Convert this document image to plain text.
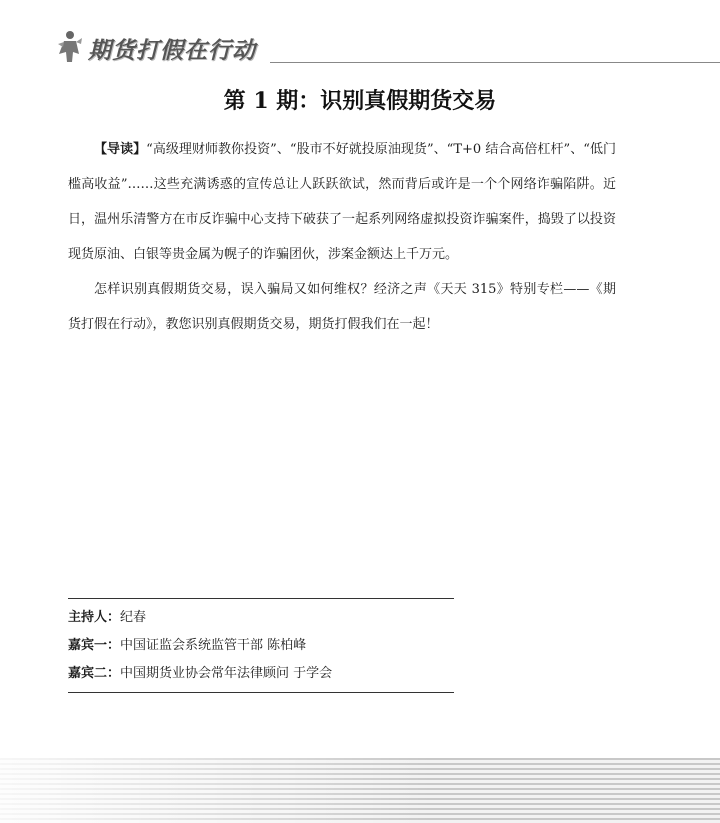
期货打假在行动
第 1 期：识别真假期货交易

【导读】“高级理财师教你投资”、“股市不好就投原油现货”、“T+0 结合高倍杠杆”、“低门槛高收益”……这些充满诱惑的宣传总让人跃跃欲试，然而背后或许是一个个网络诈骗陷阱。近日，温州乐清警方在市反诈骗中心支持下破获了一起系列网络虚拟投资诈骗案件，捣毁了以投资现货原油、白银等贵金属为幌子的诈骗团伙，涉案金额达上千万元。

怎样识别真假期货交易，误入骗局又如何维权？经济之声《天天 315》特别专栏——《期货打假在行动》，教您识别真假期货交易，期货打假我们在一起！

主持人：纪春
嘉宾一：中国证监会系统监管干部 陈柏峰
嘉宾二：中国期货业协会常年法律顾问 于学会
